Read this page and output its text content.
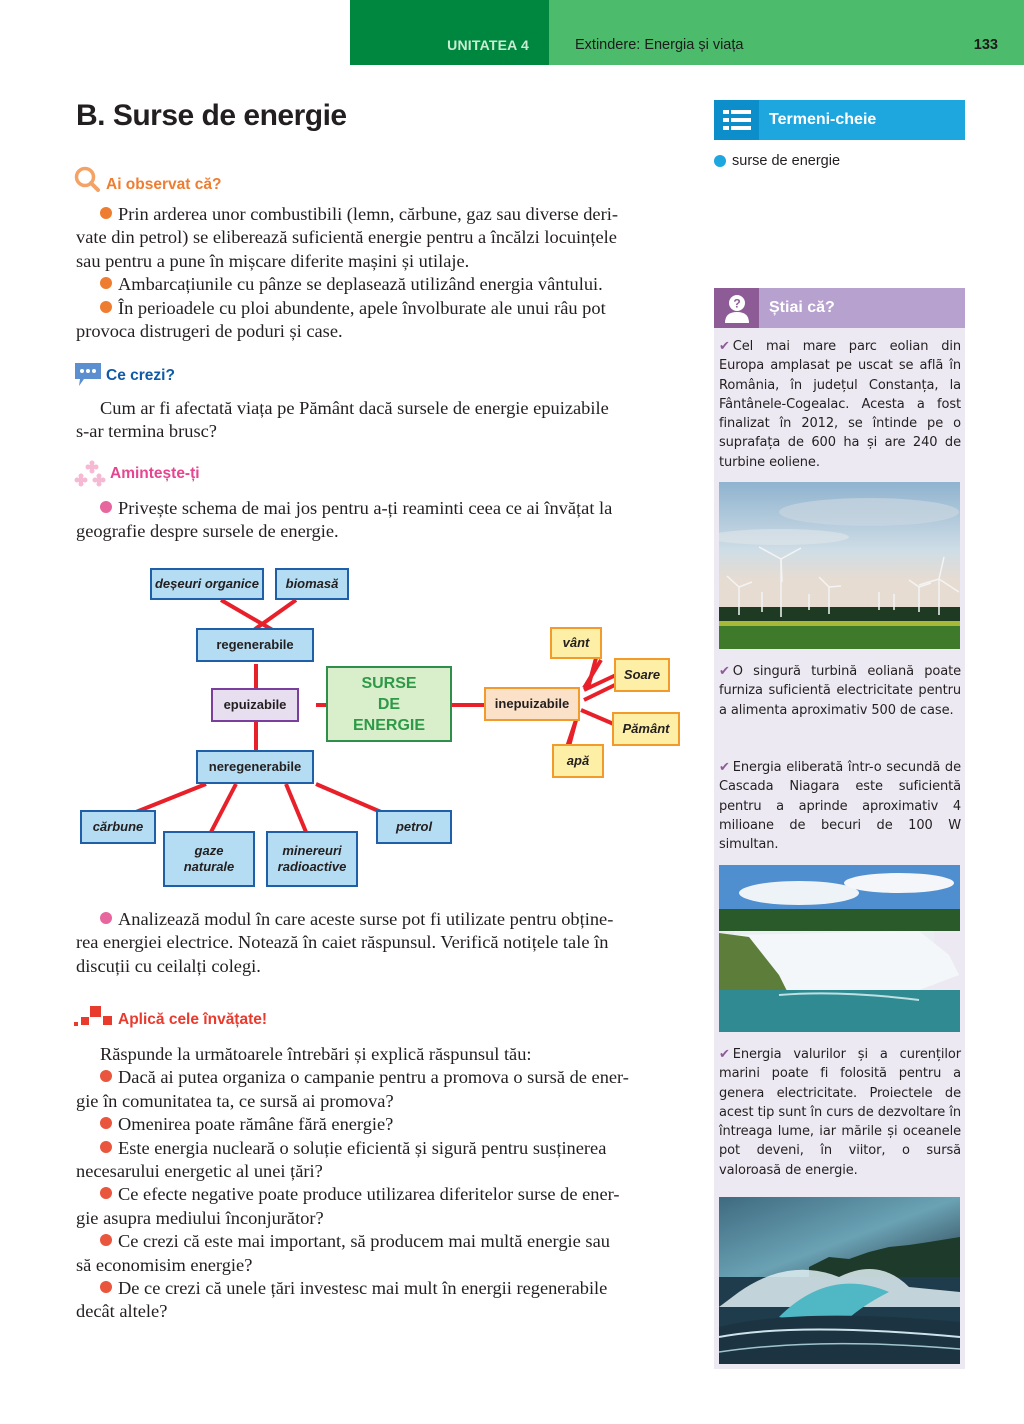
UNITATEA 4	Extindere: Energia și viața	133
B. Surse de energie
Ai observat că?
Prin arderea unor combustibili (lemn, cărbune, gaz sau diverse deri-
vate din petrol) se eliberează suficientă energie pentru a încălzi locuințele
sau pentru a pune în mișcare diferite mașini și utilaje.
Ambarcațiunile cu pânze se deplasează utilizând energia vântului.
În perioadele cu ploi abundente, apele învolburate ale unui râu pot
provoca distrugeri de poduri și case.
Ce crezi?
Cum ar fi afectată viața pe Pământ dacă sursele de energie epuizabile
s-ar termina brusc?
Amintește-ți
Privește schema de mai jos pentru a-ți reaminti ceea ce ai învățat la
geografie despre sursele de energie.
deșeuri organice	biomasă
regenerabile
epuizabile
SURSE
DE
ENERGIE
neregenerabile
cărbune
gaze naturale
minereuri radioactive
petrol
inepuizabile
vânt
Soare
Pământ
apă
Analizează modul în care aceste surse pot fi utilizate pentru obține-
rea energiei electrice. Notează în caiet răspunsul. Verifică notițele tale în
discuții cu ceilalți colegi.
Aplică cele învățate!
Răspunde la următoarele întrebări și explică răspunsul tău:
Dacă ai putea organiza o campanie pentru a promova o sursă de ener-
gie în comunitatea ta, ce sursă ai promova?
Omenirea poate rămâne fără energie?
Este energia nucleară o soluție eficientă și sigură pentru susținerea
necesarului energetic al unei țări?
Ce efecte negative poate produce utilizarea diferitelor surse de ener-
gie asupra mediului înconjurător?
Ce crezi că este mai important, să producem mai multă energie sau
să economisim energie?
De ce crezi că unele țări investesc mai mult în energii regenerabile
decât altele?
Termeni-cheie
surse de energie
? Știai că?
✔ Cel mai mare parc eolian din Europa amplasat pe uscat se aflã în România, în județul Constanța, la Fântânele-Cogealac. Acesta a fost finalizat în 2012, se întinde pe o suprafața de 600 ha și are 240 de turbine eoliene.
✔ O singură turbină eoliană poate furniza suficientă electricitate pentru a alimenta aproximativ 500 de case.
✔ Energia eliberată într-o secundă de Cascada Niagara este suficientă pentru a aprinde aproximativ 4 milioane de becuri de 100 W simultan.
✔ Energia valurilor și a curenților marini poate fi folosită pentru a genera electricitate. Proiectele de acest tip sunt în curs de dezvoltare în întreaga lume, iar mările și oceanele pot deveni, în viitor, o sursă valoroasă de energie.
